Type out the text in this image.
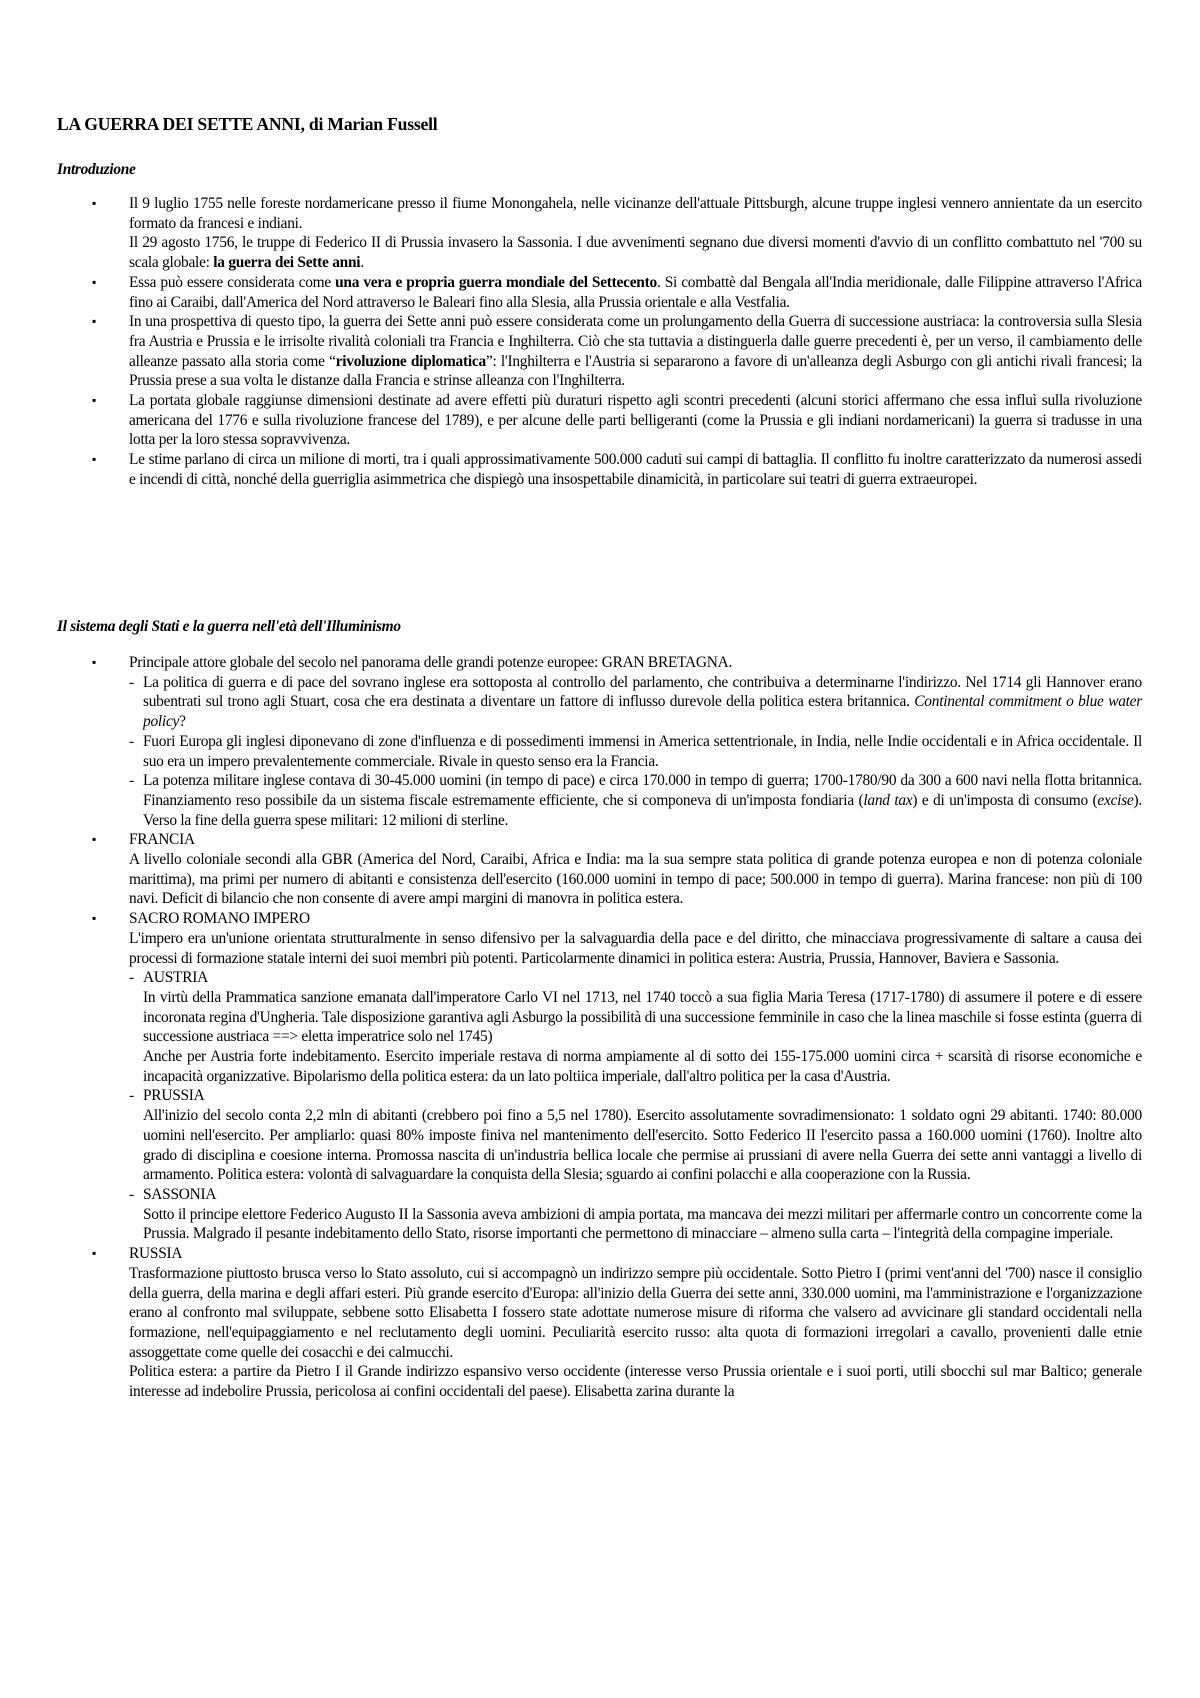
LA GUERRA DEI SETTE ANNI, di Marian Fussell
Introduzione
▪	Il 9 luglio 1755 nelle foreste nordamericane presso il fiume Monongahela, nelle vicinanze dell'attuale Pittsburgh, alcune truppe inglesi vennero annientate da un esercito formato da francesi e indiani.

Il 29 agosto 1756, le truppe di Federico II di Prussia invasero la Sassonia. I due avvenimenti segnano due diversi momenti d'avvio di un conflitto combattuto nel '700 su scala globale: la guerra dei Sette anni.

▪	Essa può essere considerata come una vera e propria guerra mondiale del Settecento. Si combattè dal Bengala all'India meridionale, dalle Filippine attraverso l'Africa fino ai Caraibi, dall'America del Nord attraverso le Baleari fino alla Slesia, alla Prussia orientale e alla Vestfalia.

▪	In una prospettiva di questo tipo, la guerra dei Sette anni può essere considerata come un prolungamento della Guerra di successione austriaca: la controversia sulla Slesia fra Austria e Prussia e le irrisolte rivalità coloniali tra Francia e Inghilterra. Ciò che sta tuttavia a distinguerla dalle guerre precedenti è, per un verso, il cambiamento delle alleanze passato alla storia come “rivoluzione diplomatica”: l'Inghilterra e l'Austria si separarono a favore di un'alleanza degli Asburgo con gli antichi rivali francesi; la Prussia prese a sua volta le distanze dalla Francia e strinse alleanza con l'Inghilterra.

▪	La portata globale raggiunse dimensioni destinate ad avere effetti più duraturi rispetto agli scontri precedenti (alcuni storici affermano che essa influì sulla rivoluzione americana del 1776 e sulla rivoluzione francese del 1789), e per alcune delle parti belligeranti (come la Prussia e gli indiani nordamericani) la guerra si tradusse in una lotta per la loro stessa sopravvivenza.

▪	Le stime parlano di circa un milione di morti, tra i quali approssimativamente 500.000 caduti sui campi di battaglia. Il conflitto fu inoltre caratterizzato da numerosi assedi e incendi di città, nonché della guerriglia asimmetrica che dispiegò una insospettabile dinamicità, in particolare sui teatri di guerra extraeuropei.

Il sistema degli Stati e la guerra nell'età dell'Illuminismo
▪	Principale attore globale del secolo nel panorama delle grandi potenze europee: GRAN BRETAGNA.

- La politica di guerra e di pace del sovrano inglese era sottoposta al controllo del parlamento, che contribuiva a determinarne l'indirizzo. Nel 1714 gli Hannover erano subentrati sul trono agli Stuart, cosa che era destinata a diventare un fattore di influsso durevole della politica estera britannica. Continental commitment o blue water policy?

- Fuori Europa gli inglesi diponevano di zone d'influenza e di possedimenti immensi in America settentrionale, in India, nelle Indie occidentali e in Africa occidentale. Il suo era un impero prevalentemente commerciale. Rivale in questo senso era la Francia.

- La potenza militare inglese contava di 30-45.000 uomini (in tempo di pace) e circa 170.000 in tempo di guerra; 1700-1780/90 da 300 a 600 navi nella flotta britannica. Finanziamento reso possibile da un sistema fiscale estremamente efficiente, che si componeva di un'imposta fondiaria (land tax) e di un'imposta di consumo (excise). Verso la fine della guerra spese militari: 12 milioni di sterline.

▪	FRANCIA

A livello coloniale secondi alla GBR (America del Nord, Caraibi, Africa e India: ma la sua sempre stata politica di grande potenza europea e non di potenza coloniale marittima), ma primi per numero di abitanti e consistenza dell'esercito (160.000 uomini in tempo di pace; 500.000 in tempo di guerra). Marina francese: non più di 100 navi. Deficit di bilancio che non consente di avere ampi margini di manovra in politica estera.

▪	SACRO ROMANO IMPERO

L'impero era un'unione orientata strutturalmente in senso difensivo per la salvaguardia della pace e del diritto, che minacciava progressivamente di saltare a causa dei processi di formazione statale interni dei suoi membri più potenti. Particolarmente dinamici in politica estera: Austria, Prussia, Hannover, Baviera e Sassonia.

- AUSTRIA

In virtù della Prammatica sanzione emanata dall'imperatore Carlo VI nel 1713, nel 1740 toccò a sua figlia Maria Teresa (1717-1780) di assumere il potere e di essere incoronata regina d'Ungheria. Tale disposizione garantiva agli Asburgo la possibilità di una successione femminile in caso che la linea maschile si fosse estinta (guerra di successione austriaca ==> eletta imperatrice solo nel 1745)

Anche per Austria forte indebitamento. Esercito imperiale restava di norma ampiamente al di sotto dei 155-175.000 uomini circa + scarsità di risorse economiche e incapacità organizzative. Bipolarismo della politica estera: da un lato poltiica imperiale, dall'altro politica per la casa d'Austria.

- PRUSSIA

All'inizio del secolo conta 2,2 mln di abitanti (crebbero poi fino a 5,5 nel 1780). Esercito assolutamente sovradimensionato: 1 soldato ogni 29 abitanti. 1740: 80.000 uomini nell'esercito. Per ampliarlo: quasi 80% imposte finiva nel mantenimento dell'esercito. Sotto Federico II l'esercito passa a 160.000 uomini (1760). Inoltre alto grado di disciplina e coesione interna. Promossa nascita di un'industria bellica locale che permise ai prussiani di avere nella Guerra dei sette anni vantaggi a livello di armamento. Politica estera: volontà di salvaguardare la conquista della Slesia; sguardo ai confini polacchi e alla cooperazione con la Russia.

- SASSONIA

Sotto il principe elettore Federico Augusto II la Sassonia aveva ambizioni di ampia portata, ma mancava dei mezzi militari per affermarle contro un concorrente come la Prussia. Malgrado il pesante indebitamento dello Stato, risorse importanti che permettono di minacciare – almeno sulla carta – l'integrità della compagine imperiale.

▪	RUSSIA

Trasformazione piuttosto brusca verso lo Stato assoluto, cui si accompagnò un indirizzo sempre più occidentale. Sotto Pietro I (primi vent'anni del '700) nasce il consiglio della guerra, della marina e degli affari esteri. Più grande esercito d'Europa: all'inizio della Guerra dei sette anni, 330.000 uomini, ma l'amministrazione e l'organizzazione erano al confronto mal sviluppate, sebbene sotto Elisabetta I fossero state adottate numerose misure di riforma che valsero ad avvicinare gli standard occidentali nella formazione, nell'equipaggiamento e nel reclutamento degli uomini. Peculiarità esercito russo: alta quota di formazioni irregolari a cavallo, provenienti dalle etnie assoggettate come quelle dei cosacchi e dei calmucchi.

Politica estera: a partire da Pietro I il Grande indirizzo espansivo verso occidente (interesse verso Prussia orientale e i suoi porti, utili sbocchi sul mar Baltico; generale interesse ad indebolire Prussia, pericolosa ai confini occidentali del paese). Elisabetta zarina durante la
